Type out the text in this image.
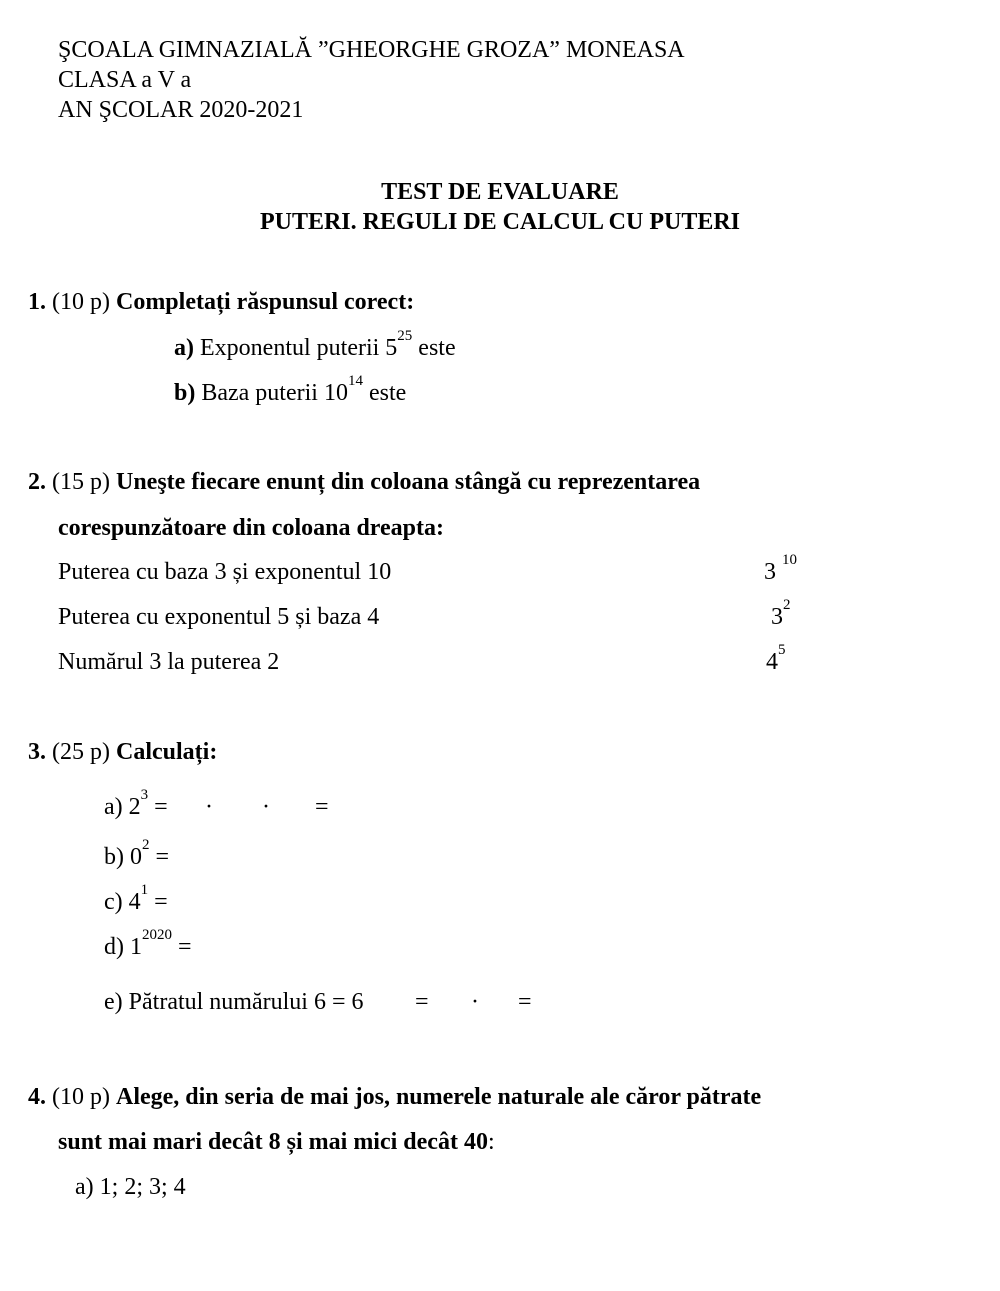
ŞCOALA GIMNAZIALĂ ”GHEORGHE GROZA” MONEASA
CLASA a V a
AN ŞCOLAR 2020-2021
TEST DE EVALUARE
PUTERI. REGULI DE CALCUL CU PUTERI
1. (10 p) Completați răspunsul corect:
a) Exponentul puterii $5^{25}$ este
b) Baza puterii $10^{14}$ este
2. (15 p) Uneşte fiecare enunț din coloana stângă cu reprezentarea
corespunzătoare din coloana dreapta:
Puterea cu baza 3 și exponentul 10
Puterea cu exponentul 5 și baza 4
Numărul 3 la puterea 2
3 $^{10}$
$3^2$
$4^5$
3. (25 p) Calculați:
a) $2^3$ = · · =
b) $0^2$ =
c) $4^1$ =
d) $1^{2020}$ =
e) Pătratul numărului 6 = 6 = · =
4. (10 p) Alege, din seria de mai jos, numerele naturale ale căror pătrate
sunt mai mari decât 8 și mai mici decât 40:
a) 1; 2; 3; 4
